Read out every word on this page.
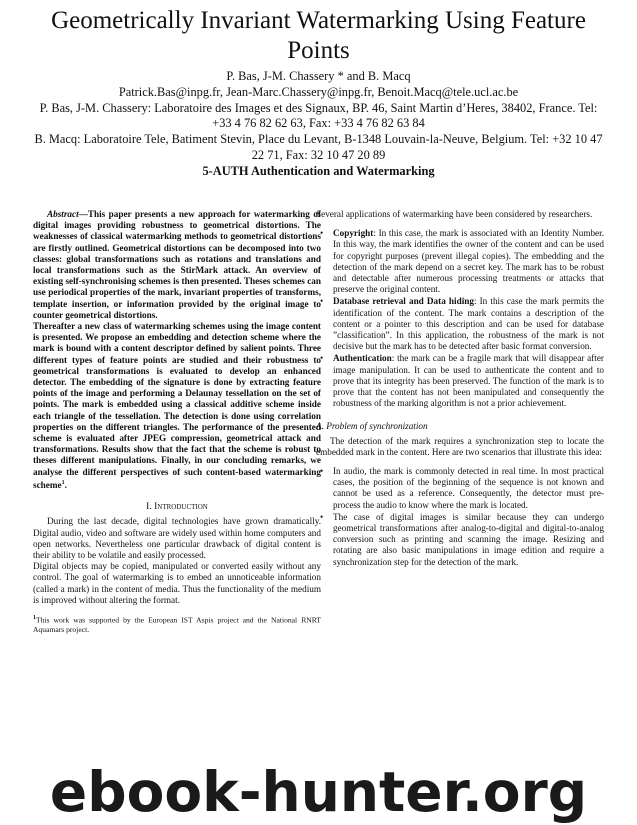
Geometrically Invariant Watermarking Using Feature Points
P. Bas, J-M. Chassery * and B. Macq
Patrick.Bas@inpg.fr, Jean-Marc.Chassery@inpg.fr, Benoit.Macq@tele.ucl.ac.be
P. Bas, J-M. Chassery: Laboratoire des Images et des Signaux, BP. 46, Saint Martin d’Heres, 38402, France. Tel: +33 4 76 82 62 63, Fax: +33 4 76 82 63 84
B. Macq: Laboratoire Tele, Batiment Stevin, Place du Levant, B-1348 Louvain-la-Neuve, Belgium. Tel: +32 10 47 22 71, Fax: 32 10 47 20 89
5-AUTH Authentication and Watermarking

Abstract—This paper presents a new approach for watermarking of digital images providing robustness to geometrical distortions. The weaknesses of classical watermarking methods to geometrical distortions are firstly outlined. Geometrical distortions can be decomposed into two classes: global transformations such as rotations and translations and local transformations such as the StirMark attack. An overview of existing self-synchronising schemes is then presented. Theses schemes can use periodical properties of the mark, invariant properties of transforms, template insertion, or information provided by the original image to counter geometrical distortions.

Thereafter a new class of watermarking schemes using the image content is presented. We propose an embedding and detection scheme where the mark is bound with a content descriptor defined by salient points. Three different types of feature points are studied and their robustness to geometrical transformations is evaluated to develop an enhanced detector. The embedding of the signature is done by extracting feature points of the image and performing a Delaunay tessellation on the set of points. The mark is embedded using a classical additive scheme inside each triangle of the tessellation. The detection is done using correlation properties on the different triangles. The performance of the presented scheme is evaluated after JPEG compression, geometrical attack and transformations. Results show that the fact that the scheme is robust to theses different manipulations. Finally, in our concluding remarks, we analyse the different perspectives of such content-based watermarking scheme$^1$.

I. Introduction

During the last decade, digital technologies have grown dramatically. Digital audio, video and software are widely used within home computers and open networks. Nevertheless one particular drawback of digital content is their ability to be volatile and easily processed.

Digital objects may be copied, manipulated or converted easily without any control. The goal of watermarking is to embed an unnoticeable information (called a mark) in the content of media. Thus the functionality of the medium is improved without altering the format.

$^1$This work was supported by the European IST Aspis project and the National RNRT Aquamars project.
Several applications of watermarking have been considered by researchers.
• Copyright: In this case, the mark is associated with an Identity Number. In this way, the mark identifies the owner of the content and can be used for copyright purposes (prevent illegal copies). The embedding and the detection of the mark depend on a secret key. The mark has to be robust and detectable after numerous processing treatments or attacks that preserve the original content.
• Database retrieval and Data hiding: In this case the mark permits the identification of the content. The mark contains a description of the content or a pointer to this description and can be used for database ”classification”. In this application, the robustness of the mark is not decisive but the mark has to be detected after basic format conversion.
• Authentication: the mark can be a fragile mark that will disappear after image manipulation. It can be used to authenticate the content and to prove that its integrity has been preserved. The function of the mark is to prove that the content has not been manipulated and consequently the robustness of the marking algorithm is not a prior achievement.
A. Problem of synchronization
The detection of the mark requires a synchronization step to locate the embedded mark in the content. Here are two scenarios that illustrate this idea:
• In audio, the mark is commonly detected in real time. In most practical cases, the position of the beginning of the sequence is not known and cannot be used as a reference. Consequently, the detector must pre-process the audio to know where the mark is located.
• The case of digital images is similar because they can undergo geometrical transformations after analog-to-digital and digital-to-analog conversion such as printing and scanning the image. Resizing and rotating are also basic manipulations in image edition and require a synchronization step for the detection of the mark.
ebook-hunter.org
